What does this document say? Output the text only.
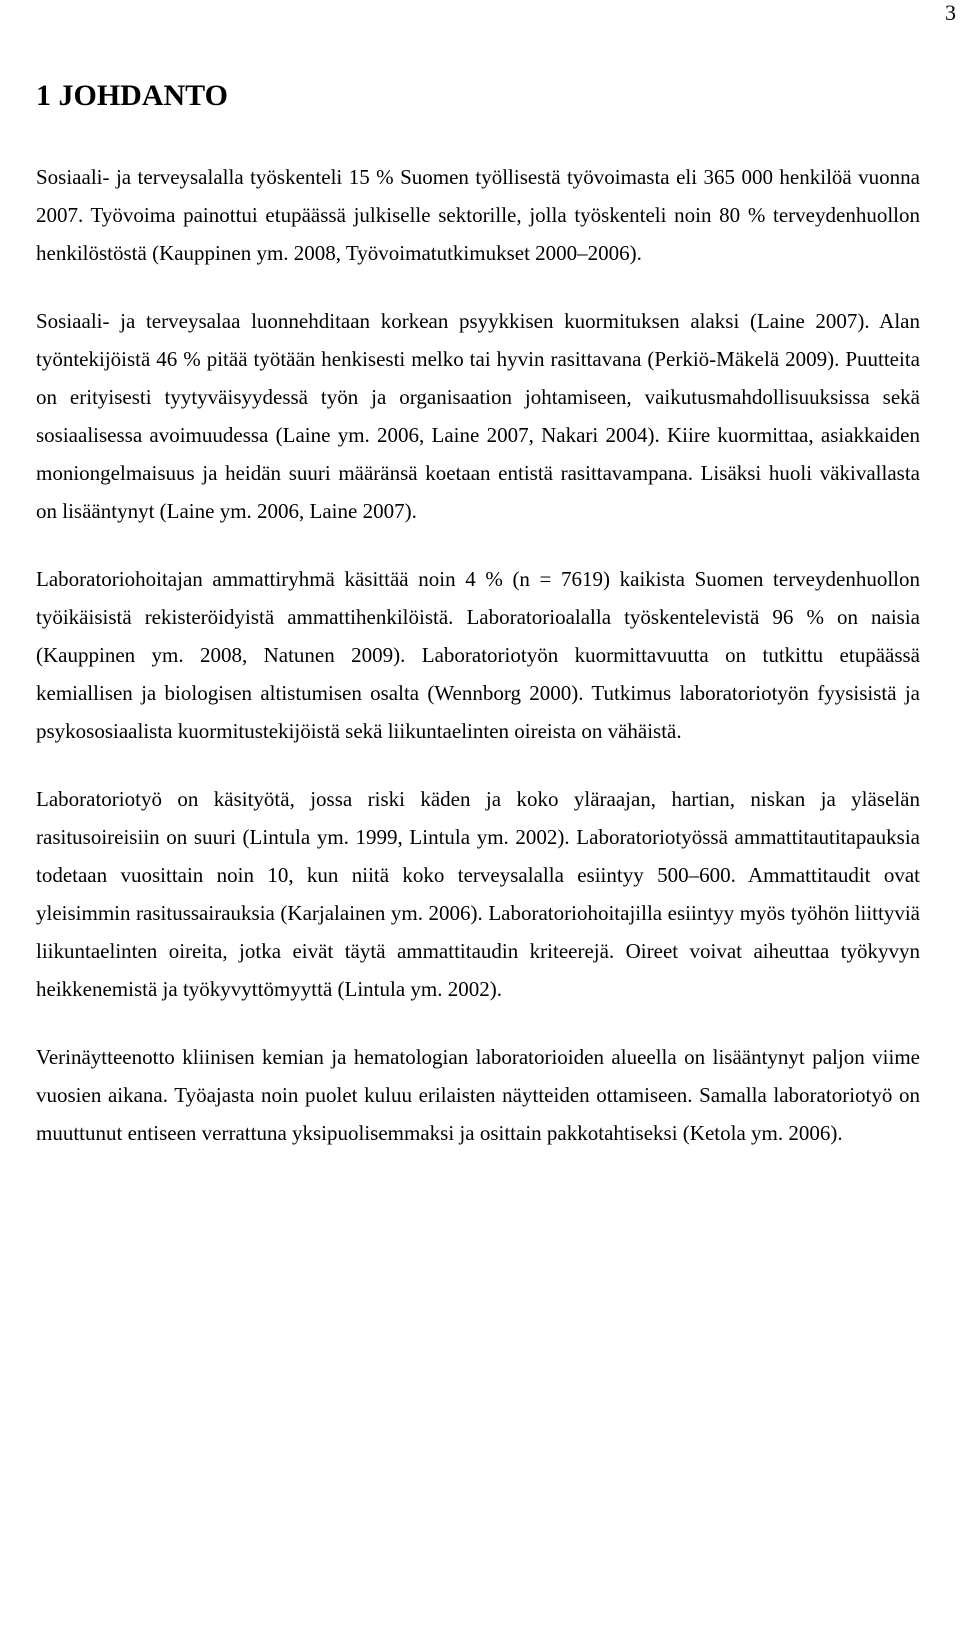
3
1 JOHDANTO

Sosiaali- ja terveysalalla työskenteli 15 % Suomen työllisestä työvoimasta eli 365 000 henkilöä vuonna 2007. Työvoima painottui etupäässä julkiselle sektorille, jolla työskenteli noin 80 % terveydenhuollon henkilöstöstä (Kauppinen ym. 2008, Työvoimatutkimukset 2000–2006).

Sosiaali- ja terveysalaa luonnehditaan korkean psyykkisen kuormituksen alaksi (Laine 2007). Alan työntekijöistä 46 % pitää työtään henkisesti melko tai hyvin rasittavana (Perkiö-Mäkelä 2009). Puutteita on erityisesti tyytyväisyydessä työn ja organisaation johtamiseen, vaikutusmahdollisuuksissa sekä sosiaalisessa avoimuudessa (Laine ym. 2006, Laine 2007, Nakari 2004). Kiire kuormittaa, asiakkaiden moniongelmaisuus ja heidän suuri määränsä koetaan entistä rasittavampana. Lisäksi huoli väkivallasta on lisääntynyt (Laine ym. 2006, Laine 2007).

Laboratoriohoitajan ammattiryhmä käsittää noin 4 % (n = 7619) kaikista Suomen terveydenhuollon työikäisistä rekisteröidyistä ammattihenkilöistä. Laboratorioalalla työskentelevistä 96 % on naisia (Kauppinen ym. 2008, Natunen 2009). Laboratoriotyön kuormittavuutta on tutkittu etupäässä kemiallisen ja biologisen altistumisen osalta (Wennborg 2000). Tutkimus laboratoriotyön fyysisistä ja psykososiaalista kuormitustekijöistä sekä liikuntaelinten oireista on vähäistä.

Laboratoriotyö on käsityötä, jossa riski käden ja koko yläraajan, hartian, niskan ja yläselän rasitusoireisiin on suuri (Lintula ym. 1999, Lintula ym. 2002). Laboratoriotyössä ammattitautitapauksia todetaan vuosittain noin 10, kun niitä koko terveysalalla esiintyy 500–600. Ammattitaudit ovat yleisimmin rasitussairauksia (Karjalainen ym. 2006). Laboratoriohoitajilla esiintyy myös työhön liittyviä liikuntaelinten oireita, jotka eivät täytä ammattitaudin kriteerejä. Oireet voivat aiheuttaa työkyvyn heikkenemistä ja työkyvyttömyyttä (Lintula ym. 2002).

Verinäytteenotto kliinisen kemian ja hematologian laboratorioiden alueella on lisääntynyt paljon viime vuosien aikana. Työajasta noin puolet kuluu erilaisten näytteiden ottamiseen. Samalla laboratoriotyö on muuttunut entiseen verrattuna yksipuolisemmaksi ja osittain pakkotahtiseksi (Ketola ym. 2006).
